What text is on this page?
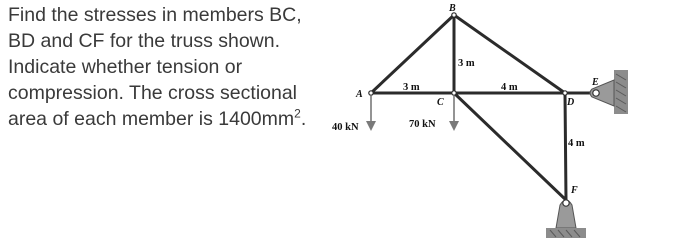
Find the stresses in members BC, BD and CF for the truss shown. Indicate whether tension or compression. The cross sectional area of each member is $1400mm^2$.

B
A
C	D
E
F
3 m
3 m
4 m
4 m
40 kN	70 kN
